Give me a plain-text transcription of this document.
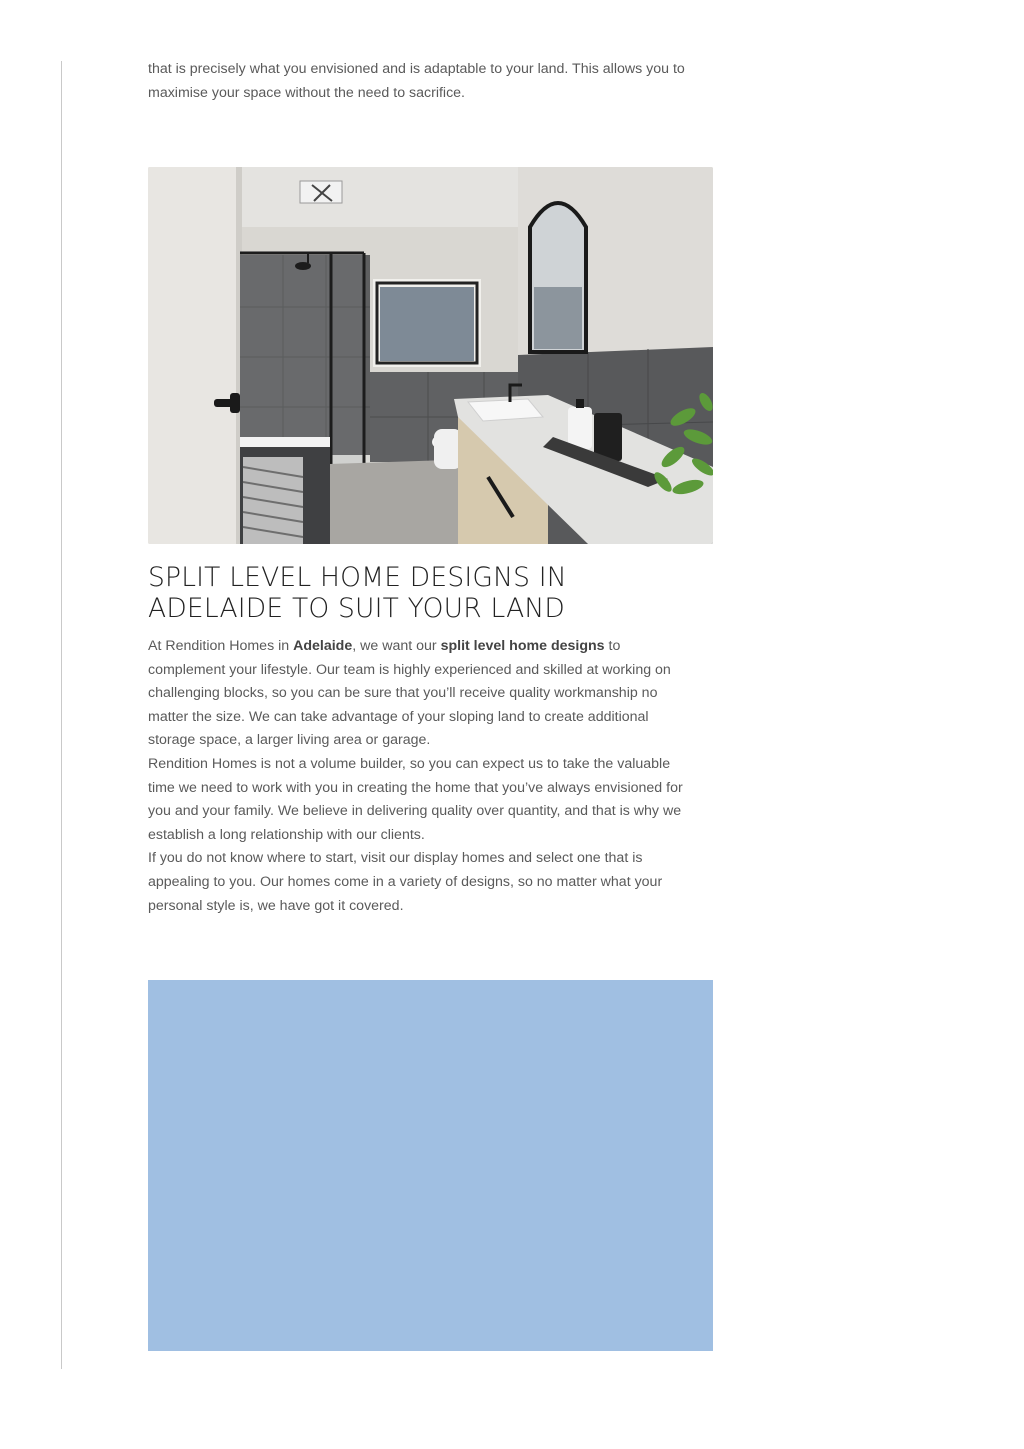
that is precisely what you envisioned and is adaptable to your land. This allows you to
maximise your space without the need to sacrifice.

SPLIT LEVEL HOME DESIGNS IN
ADELAIDE TO SUIT YOUR LAND

At Rendition Homes in Adelaide, we want our split level home designs to
complement your lifestyle. Our team is highly experienced and skilled at working on
challenging blocks, so you can be sure that you’ll receive quality workmanship no
matter the size. We can take advantage of your sloping land to create additional
storage space, a larger living area or garage.

Rendition Homes is not a volume builder, so you can expect us to take the valuable
time we need to work with you in creating the home that you’ve always envisioned for
you and your family. We believe in delivering quality over quantity, and that is why we
establish a long relationship with our clients.

If you do not know where to start, visit our display homes and select one that is
appealing to you. Our homes come in a variety of designs, so no matter what your
personal style is, we have got it covered.
